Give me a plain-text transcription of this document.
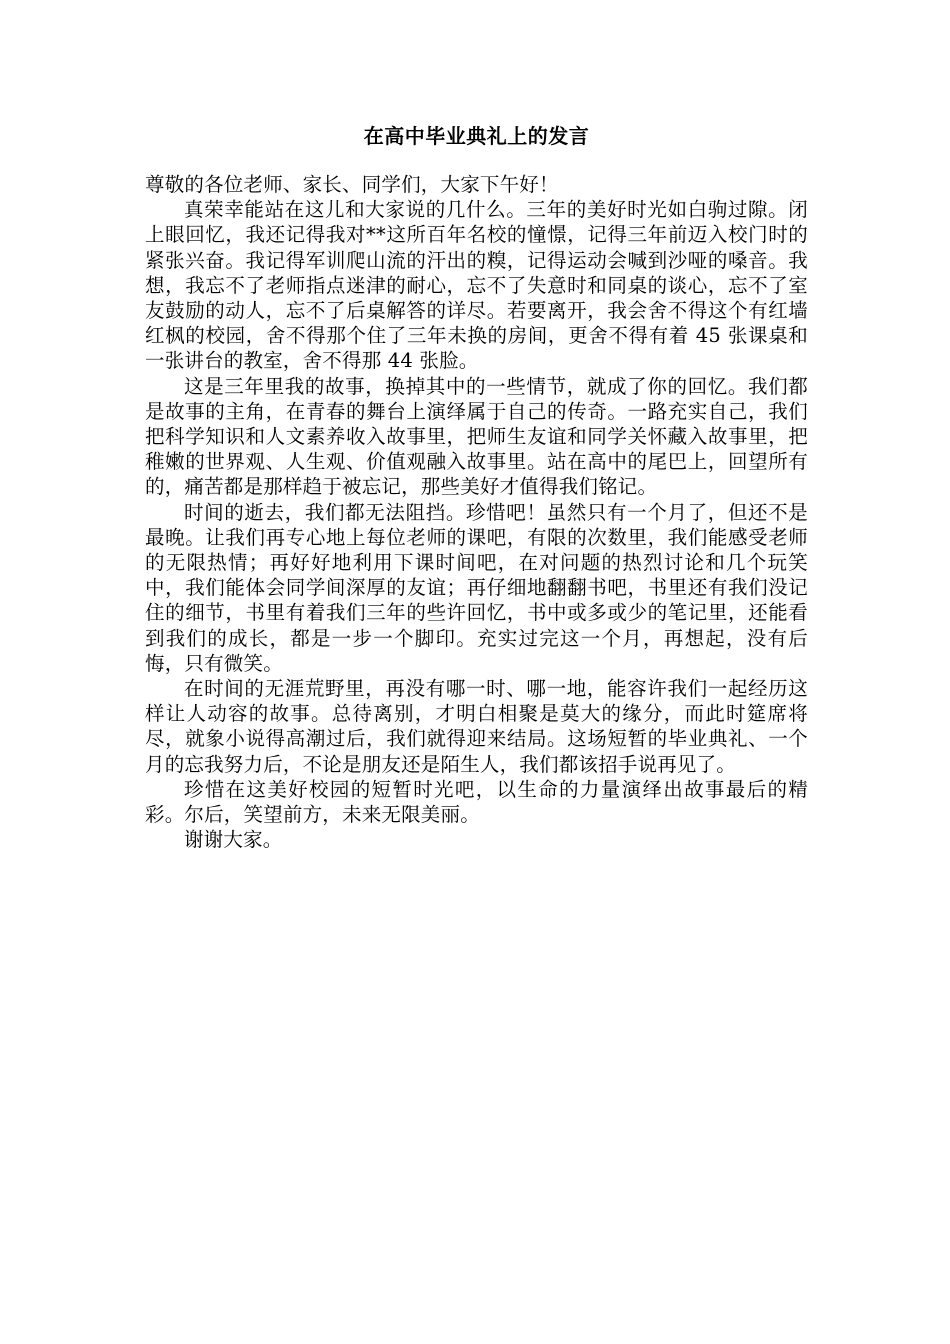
在高中毕业典礼上的发言

尊敬的各位老师、家长、同学们，大家下午好！

真荣幸能站在这儿和大家说的几什么。三年的美好时光如白驹过隙。闭上眼回忆，我还记得我对**这所百年名校的憧憬，记得三年前迈入校门时的紧张兴奋。我记得军训爬山流的汗出的糗，记得运动会喊到沙哑的嗓音。我想，我忘不了老师指点迷津的耐心，忘不了失意时和同桌的谈心，忘不了室友鼓励的动人，忘不了后桌解答的详尽。若要离开，我会舍不得这个有红墙红枫的校园，舍不得那个住了三年未换的房间，更舍不得有着 45 张课桌和一张讲台的教室，舍不得那 44 张脸。

这是三年里我的故事，换掉其中的一些情节，就成了你的回忆。我们都是故事的主角，在青春的舞台上演绎属于自己的传奇。一路充实自己，我们把科学知识和人文素养收入故事里，把师生友谊和同学关怀藏入故事里，把稚嫩的世界观、人生观、价值观融入故事里。站在高中的尾巴上，回望所有的，痛苦都是那样趋于被忘记，那些美好才值得我们铭记。

时间的逝去，我们都无法阻挡。珍惜吧！虽然只有一个月了，但还不是最晚。让我们再专心地上每位老师的课吧，有限的次数里，我们能感受老师的无限热情；再好好地利用下课时间吧，在对问题的热烈讨论和几个玩笑中，我们能体会同学间深厚的友谊；再仔细地翻翻书吧，书里还有我们没记住的细节，书里有着我们三年的些许回忆，书中或多或少的笔记里，还能看到我们的成长，都是一步一个脚印。充实过完这一个月，再想起，没有后悔，只有微笑。

在时间的无涯荒野里，再没有哪一时、哪一地，能容许我们一起经历这样让人动容的故事。总待离别，才明白相聚是莫大的缘分，而此时筵席将尽，就象小说得高潮过后，我们就得迎来结局。这场短暂的毕业典礼、一个月的忘我努力后，不论是朋友还是陌生人，我们都该招手说再见了。

珍惜在这美好校园的短暂时光吧，以生命的力量演绎出故事最后的精彩。尔后，笑望前方，未来无限美丽。

谢谢大家。
